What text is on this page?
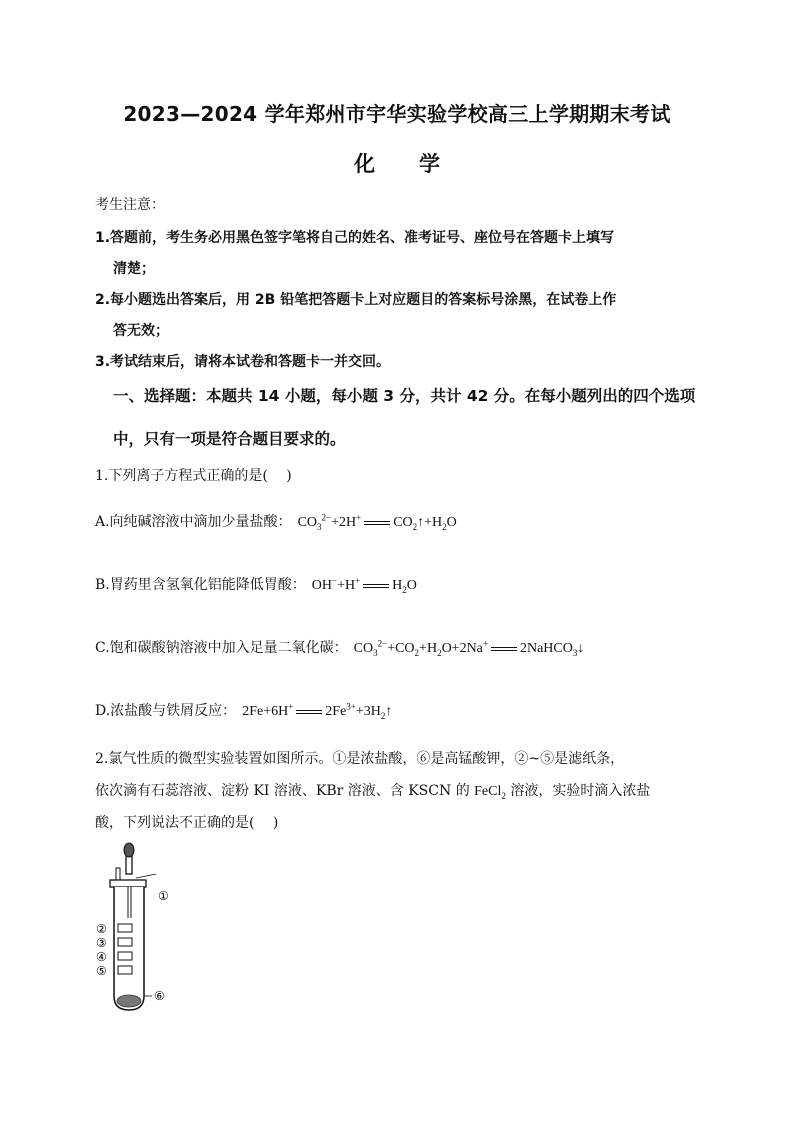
2023—2024 学年郑州市宇华实验学校高三上学期期末考试
化 学
考生注意：
1.答题前，考生务必用黑色签字笔将自己的姓名、准考证号、座位号在答题卡上填写
清楚；
2.每小题选出答案后，用 2B 铅笔把答题卡上对应题目的答案标号涂黑，在试卷上作
答无效；
3.考试结束后，请将本试卷和答题卡一并交回。
一、选择题：本题共 14 小题，每小题 3 分，共计 42 分。在每小题列出的四个选项
中，只有一项是符合题目要求的。
1.下列离子方程式正确的是(　 )
A.向纯碱溶液中滴加少量盐酸： $CO_3^{2-}+2H^+$ $CO_2↑+H_2O$
B.胃药里含氢氧化铝能降低胃酸： OH−+H+ $H_2O$
C.饱和碳酸钠溶液中加入足量二氧化碳： $CO_3^{2-}+CO_2+H_2O+2Na^+$ 2NaHCO$_3$↓
D.浓盐酸与铁屑反应： 2Fe+6H+ $2Fe^{3+}+3H_2↑$
2.氯气性质的微型实验装置如图所示。①是浓盐酸，⑥是高锰酸钾，②~⑤是滤纸条，
依次滴有石蕊溶液、淀粉 KI 溶液、KBr 溶液、含 KSCN 的 FeCl$_2$ 溶液，实验时滴入浓盐
酸，下列说法不正确的是(　 )
①
②
③
④
⑤
⑥
